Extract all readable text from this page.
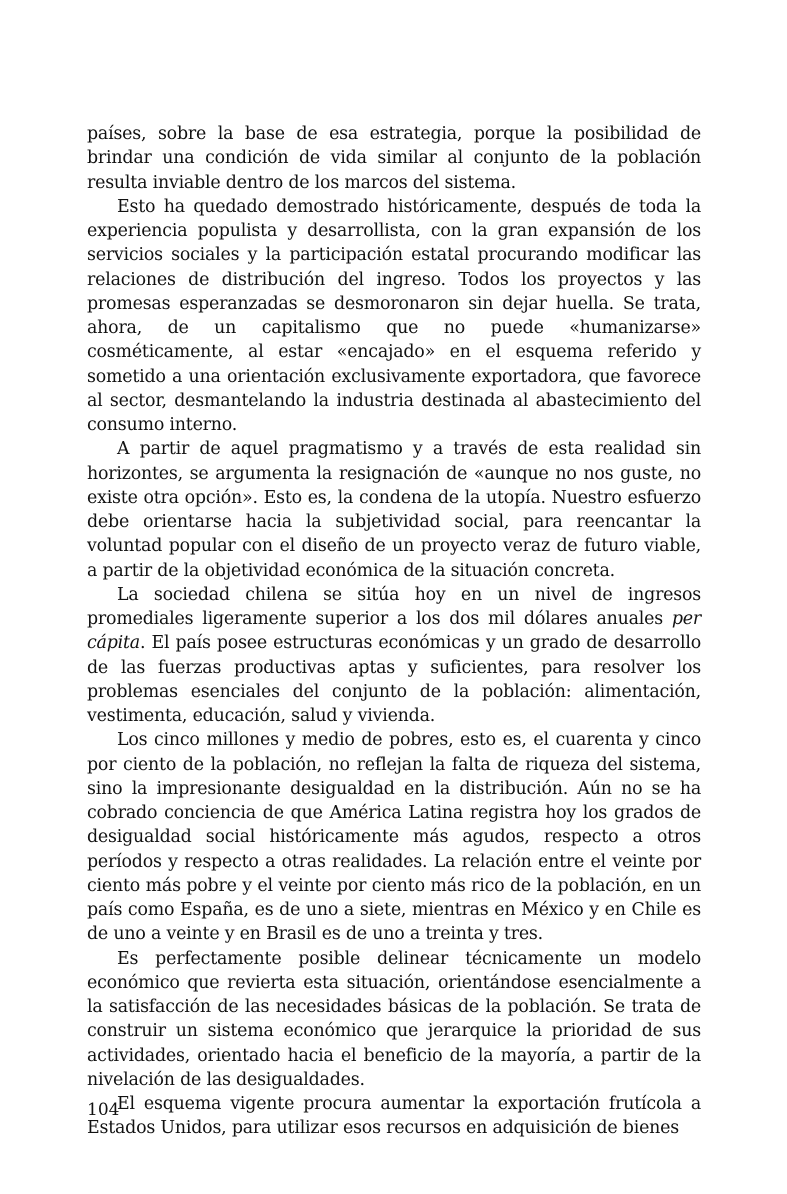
países, sobre la base de esa estrategia, porque la posibilidad de brindar una condición de vida similar al conjunto de la población resulta inviable dentro de los marcos del sistema.

Esto ha quedado demostrado históricamente, después de toda la experiencia populista y desarrollista, con la gran expansión de los servicios sociales y la participación estatal procurando modificar las relaciones de distribución del ingreso. Todos los proyectos y las promesas esperanzadas se desmoronaron sin dejar huella. Se trata, ahora, de un capitalismo que no puede «humanizarse» cosméticamente, al estar «encajado» en el esquema referido y sometido a una orientación exclusivamente exportadora, que favorece al sector, desmantelando la industria destinada al abastecimiento del consumo interno.

A partir de aquel pragmatismo y a través de esta realidad sin horizontes, se argumenta la resignación de «aunque no nos guste, no existe otra opción». Esto es, la condena de la utopía. Nuestro esfuerzo debe orientarse hacia la subjetividad social, para reencantar la voluntad popular con el diseño de un proyecto veraz de futuro viable, a partir de la objetividad económica de la situación concreta.

La sociedad chilena se sitúa hoy en un nivel de ingresos promediales ligeramente superior a los dos mil dólares anuales per cápita. El país posee estructuras económicas y un grado de desarrollo de las fuerzas productivas aptas y suficientes, para resolver los problemas esenciales del conjunto de la población: alimentación, vestimenta, educación, salud y vivienda.

Los cinco millones y medio de pobres, esto es, el cuarenta y cinco por ciento de la población, no reflejan la falta de riqueza del sistema, sino la impresionante desigualdad en la distribución. Aún no se ha cobrado conciencia de que América Latina registra hoy los grados de desigualdad social históricamente más agudos, respecto a otros períodos y respecto a otras realidades. La relación entre el veinte por ciento más pobre y el veinte por ciento más rico de la población, en un país como España, es de uno a siete, mientras en México y en Chile es de uno a veinte y en Brasil es de uno a treinta y tres.

Es perfectamente posible delinear técnicamente un modelo económico que revierta esta situación, orientándose esencialmente a la satisfacción de las necesidades básicas de la población. Se trata de construir un sistema económico que jerarquice la prioridad de sus actividades, orientado hacia el beneficio de la mayoría, a partir de la nivelación de las desigualdades.

El esquema vigente procura aumentar la exportación frutícola a Estados Unidos, para utilizar esos recursos en adquisición de bienes

104
